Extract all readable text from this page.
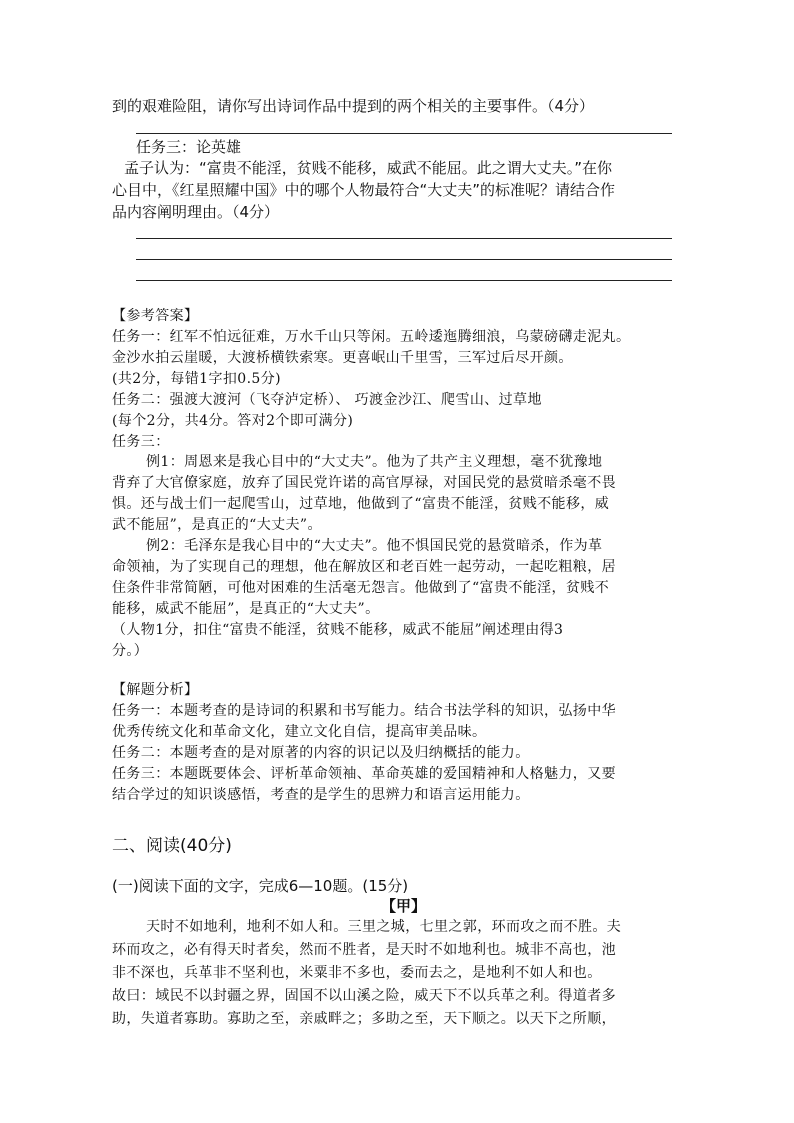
到的艰难险阻，请你写出诗词作品中提到的两个相关的主要事件。（4分）
任务三：论英雄
孟子认为：“富贵不能淫，贫贱不能移，威武不能屈。此之谓大丈夫。”在你
心目中，《红星照耀中国》中的哪个人物最符合“大丈夫”的标准呢？请结合作
品内容阐明理由。（4分）
【参考答案】
任务一：红军不怕远征难，万水千山只等闲。五岭逶迤腾细浪，乌蒙磅礴走泥丸。
金沙水拍云崖暖，大渡桥横铁索寒。更喜岷山千里雪，三军过后尽开颜。
(共2分，每错1字扣0.5分)
任务二：强渡大渡河（飞夺泸定桥）、 巧渡金沙江、爬雪山、过草地
(每个2分，共4分。答对2个即可满分)
任务三：
例1：周恩来是我心目中的“大丈夫”。他为了共产主义理想，毫不犹豫地
背弃了大官僚家庭，放弃了国民党许诺的高官厚禄，对国民党的悬赏暗杀毫不畏
惧。还与战士们一起爬雪山，过草地，他做到了“富贵不能淫，贫贱不能移，威
武不能屈”，是真正的“大丈夫”。
例2：毛泽东是我心目中的“大丈夫”。他不惧国民党的悬赏暗杀，作为革
命领袖，为了实现自己的理想，他在解放区和老百姓一起劳动，一起吃粗粮，居
住条件非常简陋，可他对困难的生活毫无怨言。他做到了“富贵不能淫，贫贱不
能移，威武不能屈”，是真正的“大丈夫”。
（人物1分，扣住“富贵不能淫，贫贱不能移，威武不能屈”阐述理由得3
分。）
【解题分析】
任务一：本题考查的是诗词的积累和书写能力。结合书法学科的知识，弘扬中华
优秀传统文化和革命文化，建立文化自信，提高审美品味。
任务二：本题考查的是对原著的内容的识记以及归纳概括的能力。
任务三：本题既要体会、评析革命领袖、革命英雄的爱国精神和人格魅力，又要
结合学过的知识谈感悟，考查的是学生的思辨力和语言运用能力。
二、阅读(40分)
(一)阅读下面的文字，完成6—10题。(15分)
【甲】
天时不如地利，地利不如人和。三里之城，七里之郭，环而攻之而不胜。夫
环而攻之，必有得天时者矣，然而不胜者，是天时不如地利也。城非不高也，池
非不深也，兵革非不坚利也，米粟非不多也，委而去之，是地利不如人和也。
故曰：域民不以封疆之界，固国不以山溪之险，威天下不以兵革之利。得道者多
助，失道者寡助。寡助之至，亲戚畔之；多助之至，天下顺之。以天下之所顺，
